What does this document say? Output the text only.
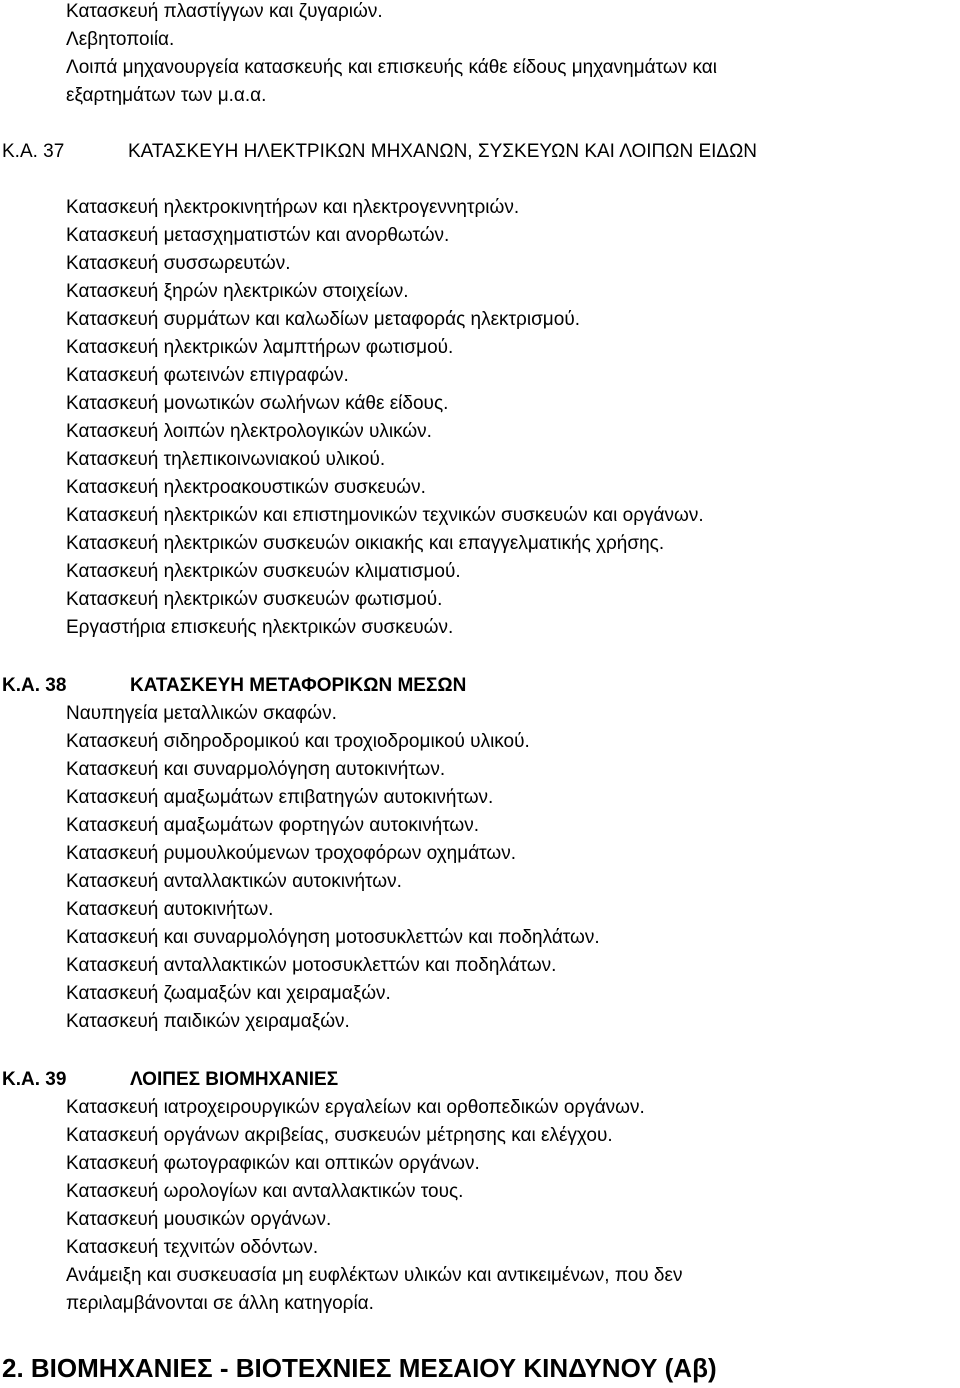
Κατασκευή πλαστίγγων και ζυγαριών.
Λεβητοποιία.
Λοιπά μηχανουργεία κατασκευής και επισκευής κάθε είδους μηχανημάτων και
εξαρτημάτων των μ.α.α.
Κ.Α. 37	ΚΑΤΑΣΚΕΥΗ ΗΛΕΚΤΡΙΚΩΝ ΜΗΧΑΝΩΝ, ΣΥΣΚΕΥΩΝ ΚΑΙ ΛΟΙΠΩΝ ΕΙΔΩΝ
Κατασκευή ηλεκτροκινητήρων και ηλεκτρογεννητριών.
Κατασκευή μετασχηματιστών και ανορθωτών.
Κατασκευή συσσωρευτών.
Κατασκευή ξηρών ηλεκτρικών στοιχείων.
Κατασκευή συρμάτων και καλωδίων μεταφοράς ηλεκτρισμού.
Κατασκευή ηλεκτρικών λαμπτήρων φωτισμού.
Κατασκευή φωτεινών επιγραφών.
Κατασκευή μονωτικών σωλήνων κάθε είδους.
Κατασκευή λοιπών ηλεκτρολογικών υλικών.
Κατασκευή τηλεπικοινωνιακού υλικού.
Κατασκευή ηλεκτροακουστικών συσκευών.
Κατασκευή ηλεκτρικών και επιστημονικών τεχνικών συσκευών και οργάνων.
Κατασκευή ηλεκτρικών συσκευών οικιακής και επαγγελματικής χρήσης.
Κατασκευή ηλεκτρικών συσκευών κλιματισμού.
Κατασκευή ηλεκτρικών συσκευών φωτισμού.
Εργαστήρια επισκευής ηλεκτρικών συσκευών.
Κ.Α. 38	ΚΑΤΑΣΚΕΥΗ ΜΕΤΑΦΟΡΙΚΩΝ ΜΕΣΩΝ
Ναυπηγεία μεταλλικών σκαφών.
Κατασκευή σιδηροδρομικού και τροχιοδρομικού υλικού.
Κατασκευή και συναρμολόγηση αυτοκινήτων.
Κατασκευή αμαξωμάτων επιβατηγών αυτοκινήτων.
Κατασκευή αμαξωμάτων φορτηγών αυτοκινήτων.
Κατασκευή ρυμουλκούμενων τροχοφόρων οχημάτων.
Κατασκευή ανταλλακτικών αυτοκινήτων.
Κατασκευή αυτοκινήτων.
Κατασκευή και συναρμολόγηση μοτοσυκλεττών και ποδηλάτων.
Κατασκευή ανταλλακτικών μοτοσυκλεττών και ποδηλάτων.
Κατασκευή ζωαμαξών και χειραμαξών.
Κατασκευή παιδικών χειραμαξών.
Κ.Α. 39	ΛΟΙΠΕΣ ΒΙΟΜΗΧΑΝΙΕΣ
Κατασκευή ιατροχειρουργικών εργαλείων και ορθοπεδικών οργάνων.
Κατασκευή οργάνων ακριβείας, συσκευών μέτρησης και ελέγχου.
Κατασκευή φωτογραφικών και οπτικών οργάνων.
Κατασκευή ωρολογίων και ανταλλακτικών τους.
Κατασκευή μουσικών οργάνων.
Κατασκευή τεχνιτών οδόντων.
Ανάμειξη και συσκευασία μη ευφλέκτων υλικών και αντικειμένων, που δεν
περιλαμβάνονται σε άλλη κατηγορία.
2. ΒΙΟΜΗΧΑΝΙΕΣ - ΒΙΟΤΕΧΝΙΕΣ ΜΕΣΑΙΟΥ ΚΙΝΔΥΝΟΥ (Αβ)
